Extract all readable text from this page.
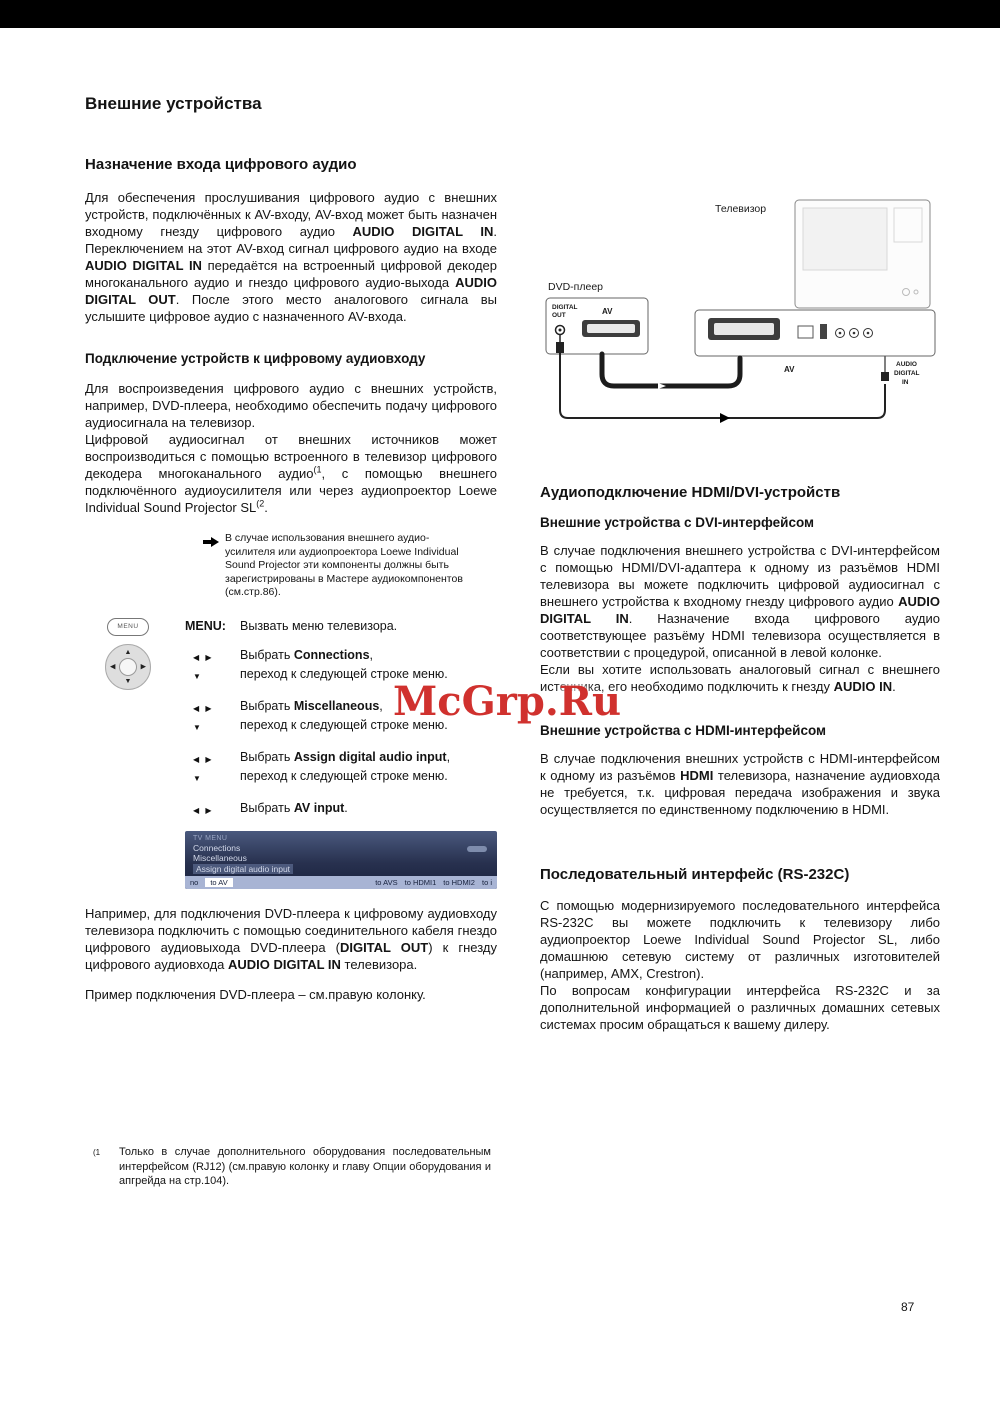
Внешние устройства
Назначение входа цифрового аудио

Для обеспечения прослушивания цифрового аудио с внешних устройств, подключённых к AV-входу, AV-вход может быть назначен входному гнезду цифрового аудио AUDIO DIGITAL IN. Переключением на этот AV-вход сигнал цифрового аудио на входе AUDIO DIGITAL IN передаётся на встроенный цифровой декодер многоканального аудио и гнездо цифрового аудио-выхода AUDIO DIGITAL OUT. После этого место аналогового сигнала вы услышите цифровое аудио с назначенного AV-входа.

Подключение устройств к цифровому аудиовходу

Для воспроизведения цифрового аудио с внешних устройств, например, DVD-плеера, необходимо обеспечить подачу цифрового аудиосигнала на телевизор.

Цифровой аудиосигнал от внешних источников может воспроизводиться с помощью встроенного в телевизор цифрового декодера многоканального аудио$^{(1}$, с помощью внешнего подключённого аудиоусилителя или через аудиопроектор Loewe Individual Sound Projector SL$^{(2}$.

В случае использования внешнего аудио-усилителя или аудиопроектора Loewe Individual Sound Projector эти компоненты должны быть зарегистрированы в Мастере аудиокомпонентов (см.стр.86).
MENU
▲
▼
◀	▶
MENU:	Вызвать меню телевизора.
◀ ▶	Выбрать Connections,
▼	переход к следующей строке меню.
◀ ▶	Выбрать Miscellaneous,
▼	переход к следующей строке меню.
◀ ▶	Выбрать Assign digital audio input,
▼	переход к следующей строке меню.
◀ ▶	Выбрать AV input.
TV MENU
Connections
Miscellaneous
Assign digital audio input
no	to AV	to AVS to HDMI1 to HDMI2 to i

Например, для подключения DVD-плеера к цифровому аудиовходу телевизора подключить с помощью соединительного кабеля гнездо цифрового аудиовыхода DVD-плеера (DIGITAL OUT) к гнезду цифрового аудиовхода AUDIO DIGITAL IN телевизора.

Пример подключения DVD-плеера – см.правую колонку.

Телевизор
DVD-плеер
DIGITAL
OUT	AV
AV
AUDIO
DIGITAL
IN
Аудиоподключение HDMI/DVI-устройств
Внешние устройства с DVI-интерфейсом

В случае подключения внешнего устройства с DVI-интерфейсом с помощью HDMI/DVI-адаптера к одному из разъёмов HDMI телевизора вы можете подключить цифровой аудиосигнал с внешнего устройства к входному гнезду цифрового аудио AUDIO DIGITAL IN. Назначение входа цифрового аудио соответствующее разъёму HDMI телевизора осуществляется в соответствии с процедурой, описанной в левой колонке.

Если вы хотите использовать аналоговый сигнал с внешнего источника, его необходимо подключить к гнезду AUDIO IN.

Внешние устройства с HDMI-интерфейсом

В случае подключения внешних устройств с HDMI-интерфейсом к одному из разъёмов HDMI телевизора, назначение аудиовхода не требуется, т.к. цифровая передача изображения и звука осуществляется по единственному подключению в HDMI.

Последовательный интерфейс (RS-232C)

С помощью модернизируемого последовательного интерфейса RS-232C вы можете подключить к телевизору либо аудиопроектор Loewe Individual Sound Projector SL, либо домашнюю сетевую систему от различных изготовителей (например, AMX, Crestron).

По вопросам конфигурации интерфейса RS-232C и за дополнительной информацией о различных домашних сетевых системах просим обращаться к вашему дилеру.

(1	Только в случае дополнительного оборудования последовательным интерфейсом (RJ12) (см.правую колонку и главу Опции оборудования и апгрейда на стр.104).
McGrp.Ru
87
